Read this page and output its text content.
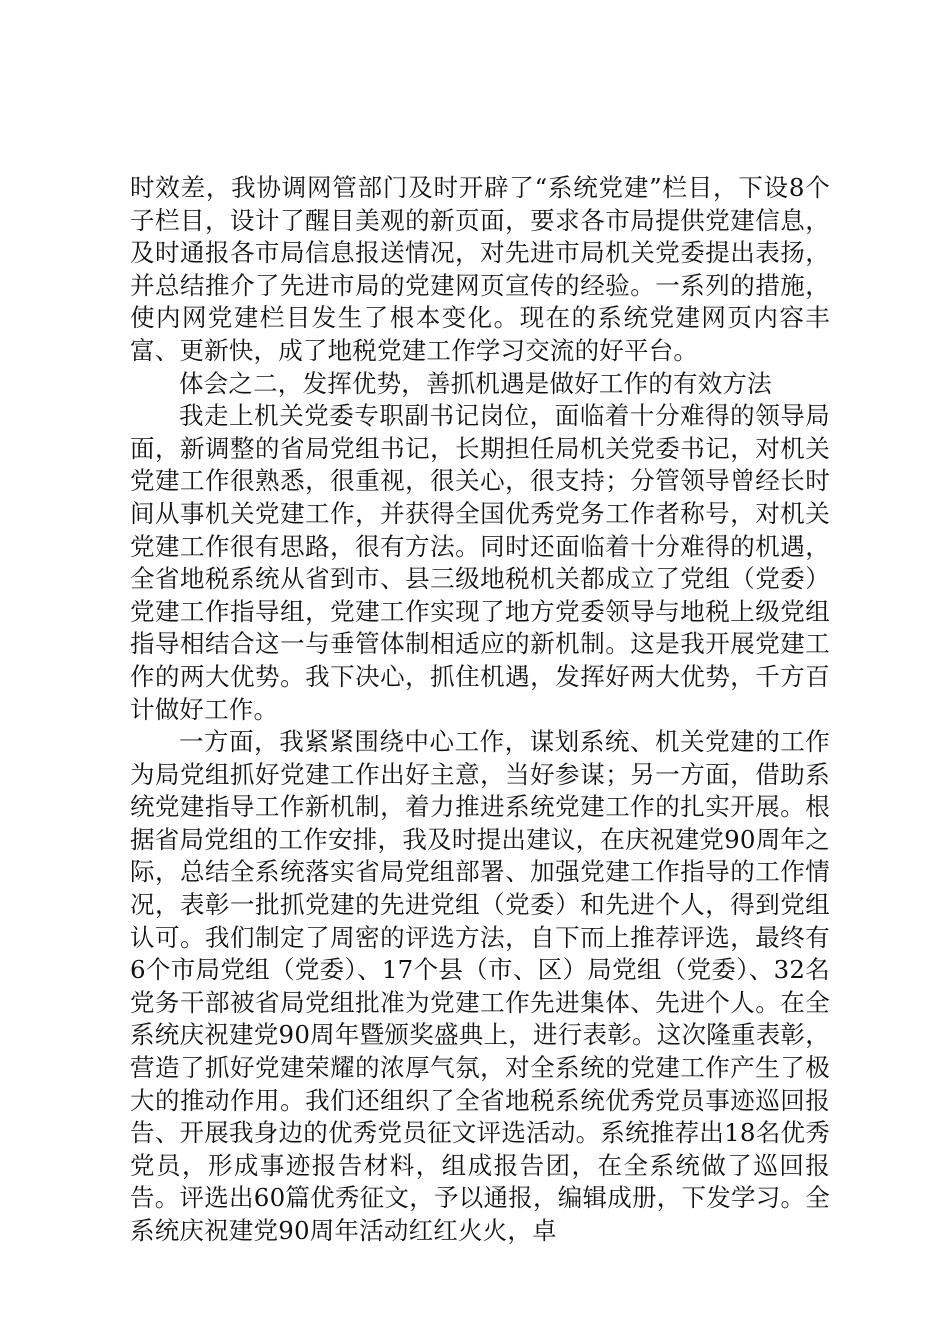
时效差，我协调网管部门及时开辟了“系统党建”栏目，下设8个子栏目，设计了醒目美观的新页面，要求各市局提供党建信息，及时通报各市局信息报送情况，对先进市局机关党委提出表扬，并总结推介了先进市局的党建网页宣传的经验。一系列的措施，使内网党建栏目发生了根本变化。现在的系统党建网页内容丰富、更新快，成了地税党建工作学习交流的好平台。

体会之二，发挥优势，善抓机遇是做好工作的有效方法

我走上机关党委专职副书记岗位，面临着十分难得的领导局面，新调整的省局党组书记，长期担任局机关党委书记，对机关党建工作很熟悉，很重视，很关心，很支持；分管领导曾经长时间从事机关党建工作，并获得全国优秀党务工作者称号，对机关党建工作很有思路，很有方法。同时还面临着十分难得的机遇，全省地税系统从省到市、县三级地税机关都成立了党组（党委）党建工作指导组，党建工作实现了地方党委领导与地税上级党组指导相结合这一与垂管体制相适应的新机制。这是我开展党建工作的两大优势。我下决心，抓住机遇，发挥好两大优势，千方百计做好工作。

一方面，我紧紧围绕中心工作，谋划系统、机关党建的工作为局党组抓好党建工作出好主意，当好参谋；另一方面，借助系统党建指导工作新机制，着力推进系统党建工作的扎实开展。根据省局党组的工作安排，我及时提出建议，在庆祝建党90周年之际，总结全系统落实省局党组部署、加强党建工作指导的工作情况，表彰一批抓党建的先进党组（党委）和先进个人，得到党组认可。我们制定了周密的评选方法，自下而上推荐评选，最终有6个市局党组（党委）、17个县（市、区）局党组（党委）、32名党务干部被省局党组批准为党建工作先进集体、先进个人。在全系统庆祝建党90周年暨颁奖盛典上，进行表彰。这次隆重表彰，营造了抓好党建荣耀的浓厚气氛，对全系统的党建工作产生了极大的推动作用。我们还组织了全省地税系统优秀党员事迹巡回报告、开展我身边的优秀党员征文评选活动。系统推荐出18名优秀党员，形成事迹报告材料，组成报告团，在全系统做了巡回报告。评选出60篇优秀征文，予以通报，编辑成册，下发学习。全系统庆祝建党90周年活动红红火火，卓
